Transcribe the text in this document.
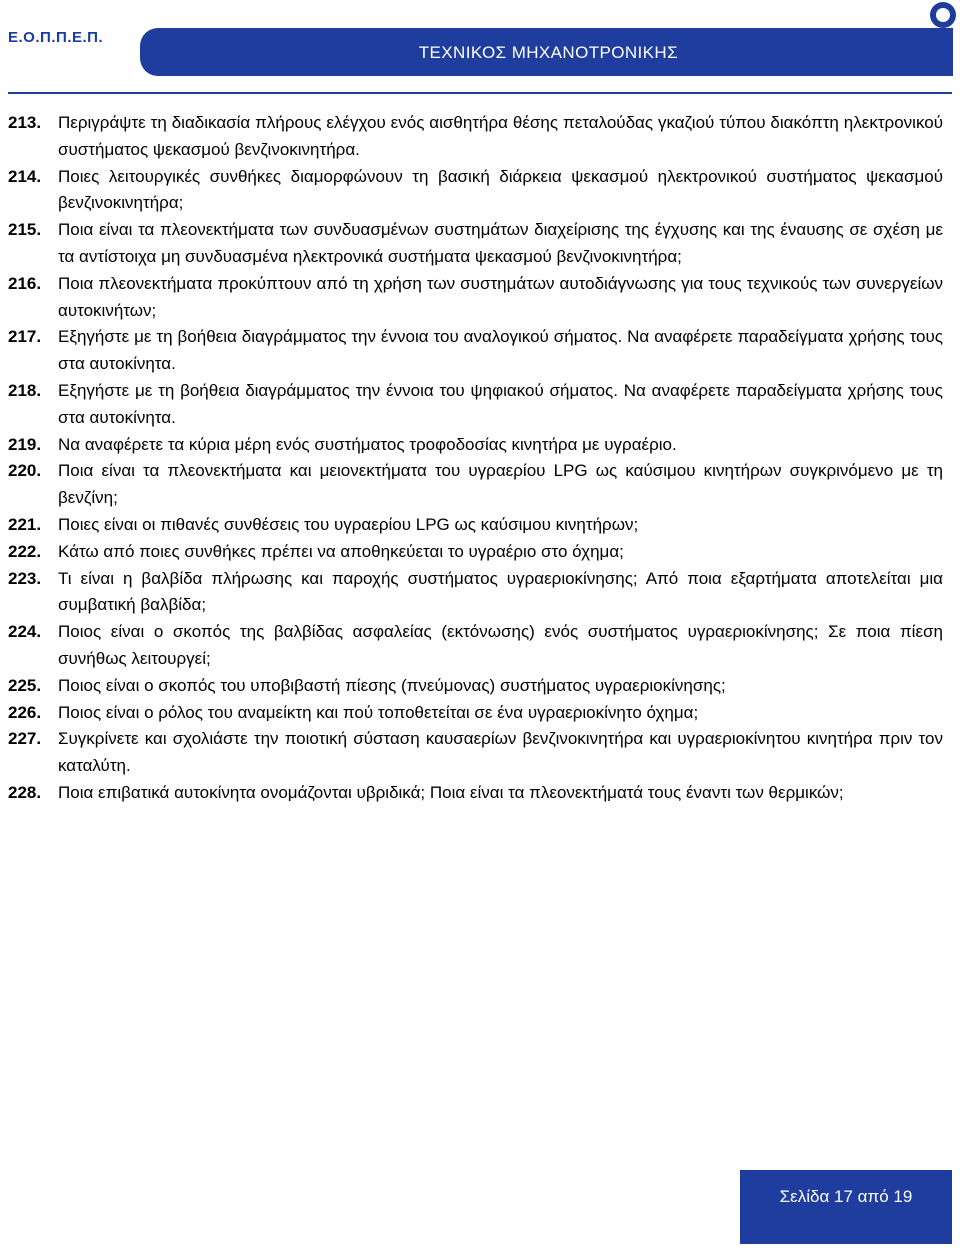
Ε.Ο.Π.Π.Ε.Π.
ΤΕΧΝΙΚΟΣ ΜΗΧΑΝΟΤΡΟΝΙΚΗΣ
213. Περιγράψτε τη διαδικασία πλήρους ελέγχου ενός αισθητήρα θέσης πεταλούδας γκαζιού τύπου διακόπτη ηλεκτρονικού συστήματος ψεκασμού βενζινοκινητήρα.
214. Ποιες λειτουργικές συνθήκες διαμορφώνουν τη βασική διάρκεια ψεκασμού ηλεκτρονικού συστήματος ψεκασμού βενζινοκινητήρα;
215. Ποια είναι τα πλεονεκτήματα των συνδυασμένων συστημάτων διαχείρισης της έγχυσης και της έναυσης σε σχέση με τα αντίστοιχα μη συνδυασμένα ηλεκτρονικά συστήματα ψεκασμού βενζινοκινητήρα;
216. Ποια πλεονεκτήματα προκύπτουν από τη χρήση των συστημάτων αυτοδιάγνωσης για τους τεχνικούς των συνεργείων αυτοκινήτων;
217. Εξηγήστε με τη βοήθεια διαγράμματος την έννοια του αναλογικού σήματος. Να αναφέρετε παραδείγματα χρήσης τους στα αυτοκίνητα.
218. Εξηγήστε με τη βοήθεια διαγράμματος την έννοια του ψηφιακού σήματος. Να αναφέρετε παραδείγματα χρήσης τους στα αυτοκίνητα.
219. Να αναφέρετε τα κύρια μέρη ενός συστήματος τροφοδοσίας κινητήρα με υγραέριο.
220. Ποια είναι τα πλεονεκτήματα και μειονεκτήματα του υγραερίου LPG ως καύσιμου κινητήρων συγκρινόμενο με τη βενζίνη;
221. Ποιες είναι οι πιθανές συνθέσεις του υγραερίου LPG ως καύσιμου κινητήρων;
222. Κάτω από ποιες συνθήκες πρέπει να αποθηκεύεται το υγραέριο στο όχημα;
223. Τι είναι η βαλβίδα πλήρωσης και παροχής συστήματος υγραεριοκίνησης; Από ποια εξαρτήματα αποτελείται μια συμβατική βαλβίδα;
224. Ποιος είναι ο σκοπός της βαλβίδας ασφαλείας (εκτόνωσης) ενός συστήματος υγραεριοκίνησης; Σε ποια πίεση συνήθως λειτουργεί;
225. Ποιος είναι ο σκοπός του υποβιβαστή πίεσης (πνεύμονας) συστήματος υγραεριοκίνησης;
226. Ποιος είναι ο ρόλος του αναμείκτη και πού τοποθετείται σε ένα υγραεριοκίνητο όχημα;
227. Συγκρίνετε και σχολιάστε την ποιοτική σύσταση καυσαερίων βενζινοκινητήρα και υγραεριοκίνητου κινητήρα πριν τον καταλύτη.
228. Ποια επιβατικά αυτοκίνητα ονομάζονται υβριδικά; Ποια είναι τα πλεονεκτήματά τους έναντι των θερμικών;
Σελίδα 17 από 19
